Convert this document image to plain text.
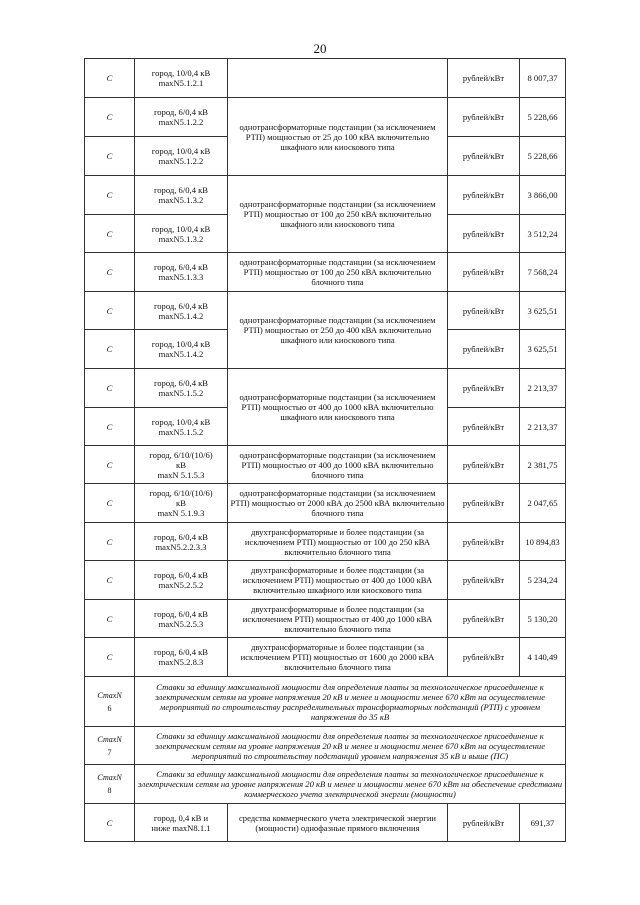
20
C	город, 10/0,4 кВ
maxN5.1.2.1		рублей/кВт	8 007,37
C	город, 6/0,4 кВ
maxN5.1.2.2	однотрансформаторные подстанции (за исключением РТП) мощностью от 25 до 100 кВА включительно шкафного или киоскового типа	рублей/кВт	5 228,66
C	город, 10/0,4 кВ
maxN5.1.2.2		рублей/кВт	5 228,66
C	город, 6/0,4 кВ
maxN5.1.3.2	однотрансформаторные подстанции (за исключением РТП) мощностью от 100 до 250 кВА включительно шкафного или киоскового типа	рублей/кВт	3 866,00
C	город, 10/0,4 кВ
maxN5.1.3.2		рублей/кВт	3 512,24
C	город, 6/0,4 кВ
maxN5.1.3.3	однотрансформаторные подстанции (за исключением РТП) мощностью от 100 до 250 кВА включительно блочного типа	рублей/кВт	7 568,24
C	город, 6/0,4 кВ
maxN5.1.4.2	однотрансформаторные подстанции (за исключением РТП) мощностью от 250 до 400 кВА включительно шкафного или киоскового типа	рублей/кВт	3 625,51
C	город, 10/0,4 кВ
maxN5.1.4.2		рублей/кВт	3 625,51
C	город, 6/0,4 кВ
maxN5.1.5.2	однотрансформаторные подстанции (за исключением РТП) мощностью от 400 до 1000 кВА включительно шкафного или киоскового типа	рублей/кВт	2 213,37
C	город, 10/0,4 кВ
maxN5.1.5.2		рублей/кВт	2 213,37
C	город, 6/10/(10/6)
кВ
maxN 5.1.5.3	однотрансформаторные подстанции (за исключением РТП) мощностью от 400 до 1000 кВА включительно блочного типа	рублей/кВт	2 381,75
C	город, 6/10/(10/6)
кВ
maxN 5.1.9.3	однотрансформаторные подстанции (за исключением РТП) мощностью от 2000 кВА до 2500 кВА включительно блочного типа	рублей/кВт	2 047,65
C	город, 6/0,4 кВ
maxN5.2.2.3.3	двухтрансформаторные и более подстанции (за исключением РТП) мощностью от 100 до 250 кВА включительно блочного типа	рублей/кВт	10 894,83
C	город, 6/0,4 кВ
maxN5.2.5.2	двухтрансформаторные и более подстанции (за исключением РТП) мощностью от 400 до 1000 кВА включительно шкафного или киоскового типа	рублей/кВт	5 234,24
C	город, 6/0,4 кВ
maxN5.2.5.3	двухтрансформаторные и более подстанции (за исключением РТП) мощностью от 400 до 1000 кВА включительно блочного типа	рублей/кВт	5 130,20
C	город, 6/0,4 кВ
maxN5.2.8.3	двухтрансформаторные и более подстанции (за исключением РТП) мощностью от 1600 до 2000 кВА включительно блочного типа	рублей/кВт	4 140,49
CmaxN
6	Ставки за единицу максимальной мощности для определения платы за технологическое присоединение к электрическим сетям на уровне напряжения 20 кВ и менее и мощности менее 670 кВт на осуществление мероприятий по строительству распределительных трансформаторных подстанций (РТП) с уровнем напряжения до 35 кВ			
CmaxN
7	Ставки за единицу максимальной мощности для определения платы за технологическое присоединение к электрическим сетям на уровне напряжения 20 кВ и менее и мощности менее 670 кВт на осуществление мероприятий по строительству подстанций уровнем напряжения 35 кВ и выше (ПС)			
CmaxN
8	Ставки за единицу максимальной мощности для определения платы за технологическое присоединение к электрическим сетям на уровне напряжения 20 кВ и менее и мощности менее 670 кВт на обеспечение средствами коммерческого учета электрической энергии (мощности)			
C	город, 0,4 кВ и
ниже maxN8.1.1	средства коммерческого учета электрической энергии (мощности) однофазные прямого включения	рублей/кВт	691,37
